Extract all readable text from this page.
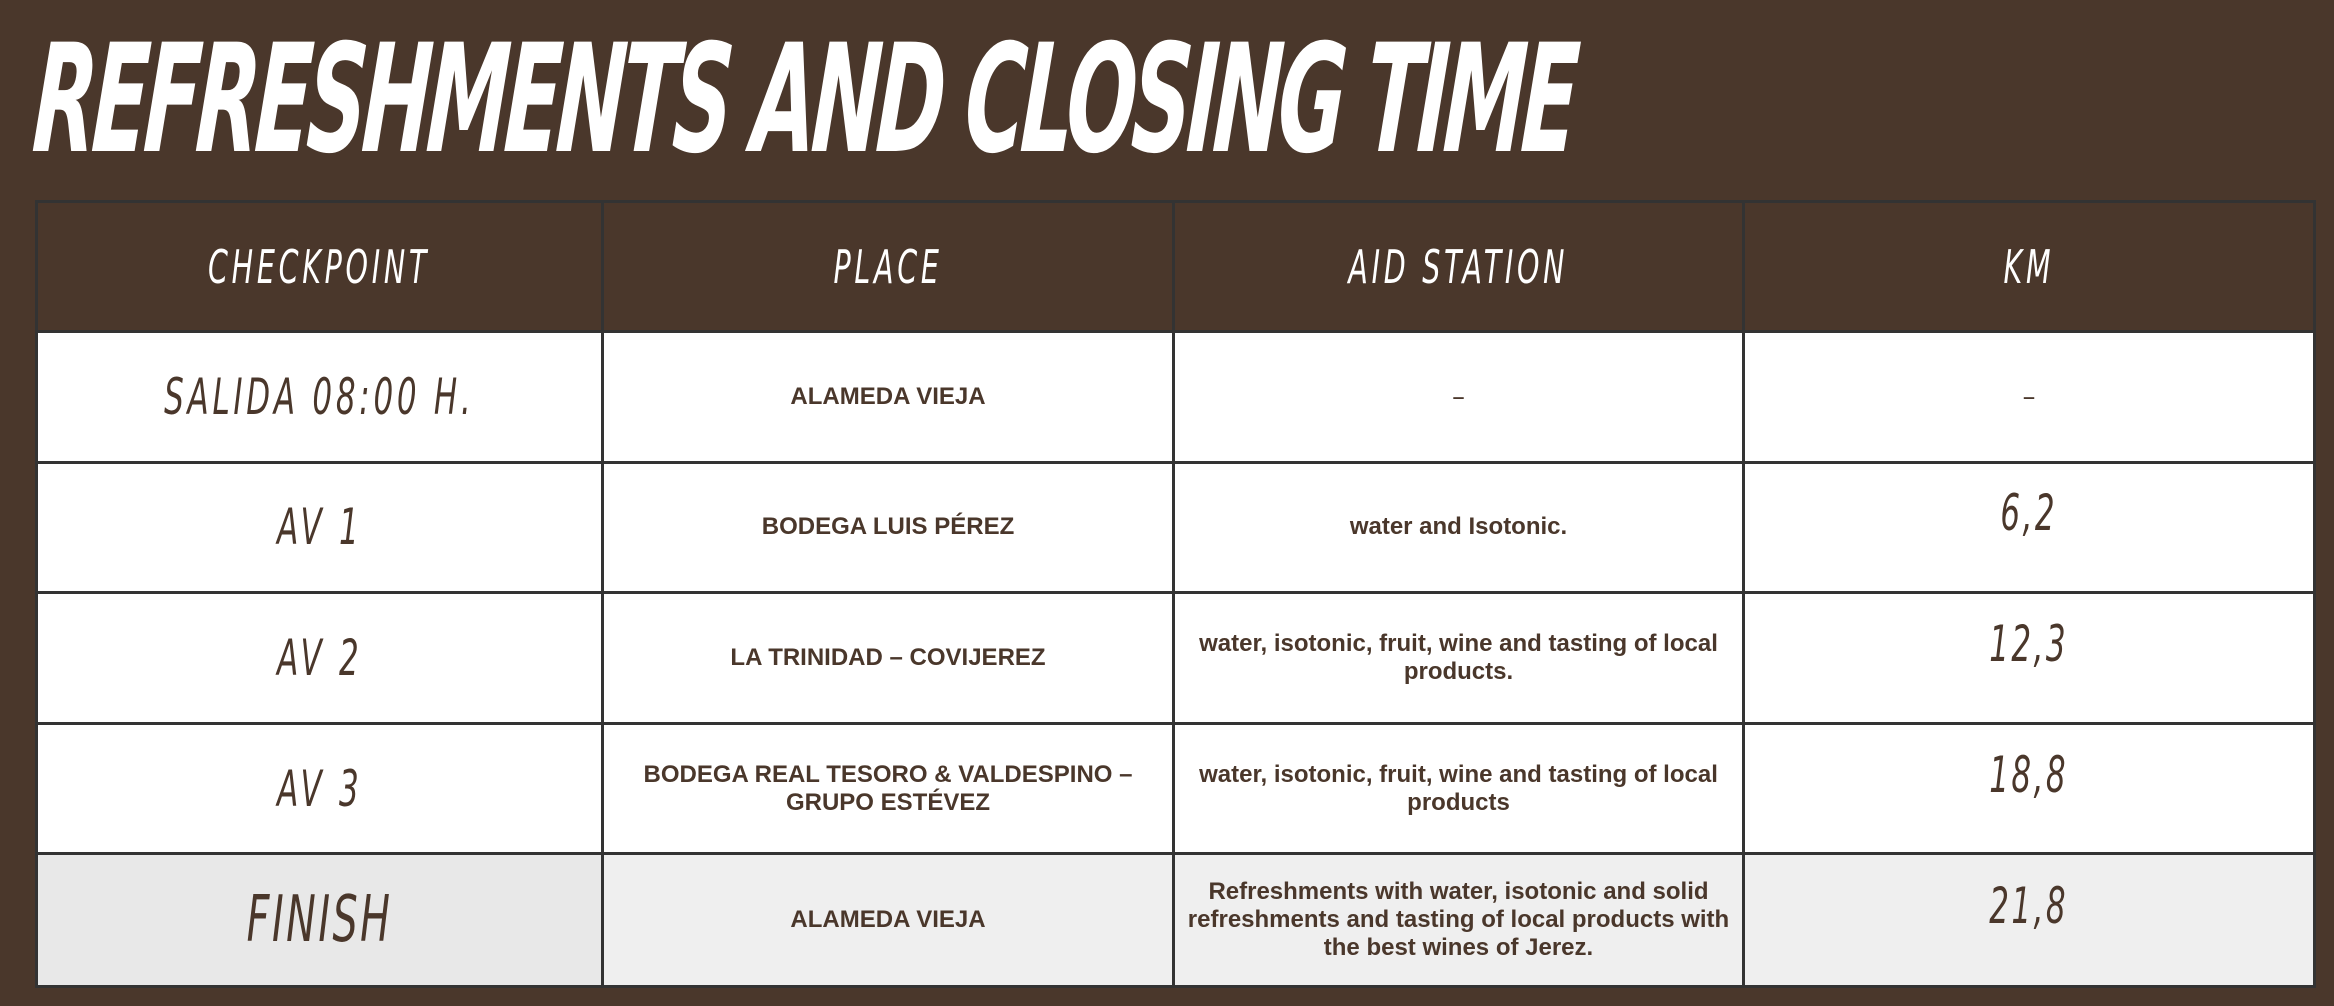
REFRESHMENTS AND CLOSING TIME
CHECKPOINT	PLACE	AID STATION	KM
SALIDA 08:00 H.	ALAMEDA VIEJA	–	–
AV 1	BODEGA LUIS PÉREZ	water and Isotonic.	6,2
AV 2	LA TRINIDAD – COVIJEREZ	water, isotonic, fruit, wine and tasting of local products.	12,3
AV 3	BODEGA REAL TESORO & VALDESPINO – GRUPO ESTÉVEZ	water, isotonic, fruit, wine and tasting of local products	18,8
FINISH	ALAMEDA VIEJA	Refreshments with water, isotonic and solid refreshments and tasting of local products with the best wines of Jerez.	21,8
